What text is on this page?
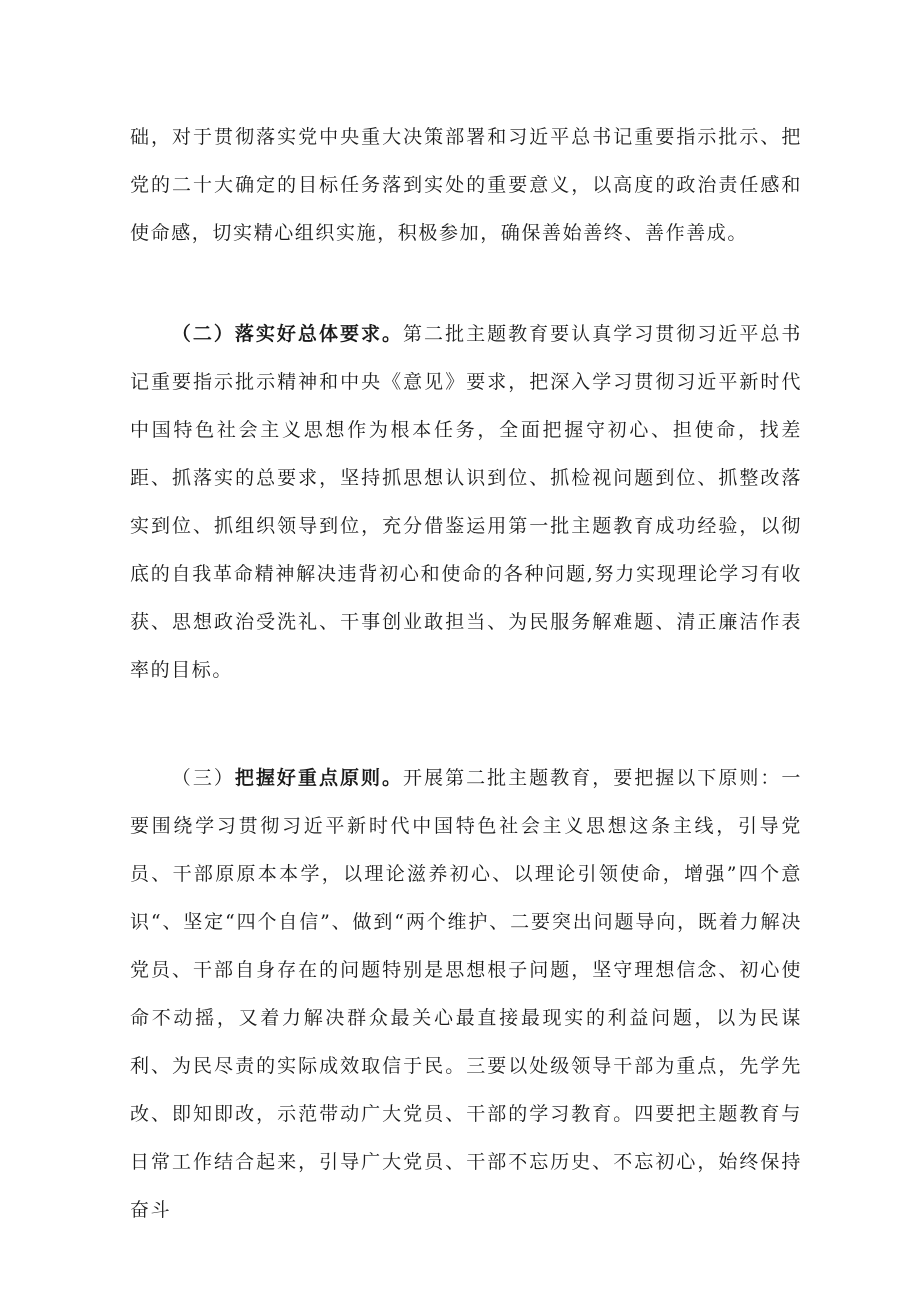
础，对于贯彻落实党中央重大决策部署和习近平总书记重要指示批示、把党的二十大确定的目标任务落到实处的重要意义，以高度的政治责任感和使命感，切实精心组织实施，积极参加，确保善始善终、善作善成。

（二）落实好总体要求。第二批主题教育要认真学习贯彻习近平总书记重要指示批示精神和中央《意见》要求，把深入学习贯彻习近平新时代中国特色社会主义思想作为根本任务，全面把握守初心、担使命，找差距、抓落实的总要求，坚持抓思想认识到位、抓检视问题到位、抓整改落实到位、抓组织领导到位，充分借鉴运用第一批主题教育成功经验，以彻底的自我革命精神解决违背初心和使命的各种问题,努力实现理论学习有收获、思想政治受洗礼、干事创业敢担当、为民服务解难题、清正廉洁作表率的目标。

（三）把握好重点原则。开展第二批主题教育，要把握以下原则：一要围绕学习贯彻习近平新时代中国特色社会主义思想这条主线，引导党员、干部原原本本学，以理论滋养初心、以理论引领使命，增强”四个意识“、坚定“四个自信”、做到“两个维护、二要突出问题导向，既着力解决党员、干部自身存在的问题特别是思想根子问题，坚守理想信念、初心使命不动摇，又着力解决群众最关心最直接最现实的利益问题，以为民谋利、为民尽责的实际成效取信于民。三要以处级领导干部为重点，先学先改、即知即改，示范带动广大党员、干部的学习教育。四要把主题教育与日常工作结合起来，引导广大党员、干部不忘历史、不忘初心，始终保持奋斗
